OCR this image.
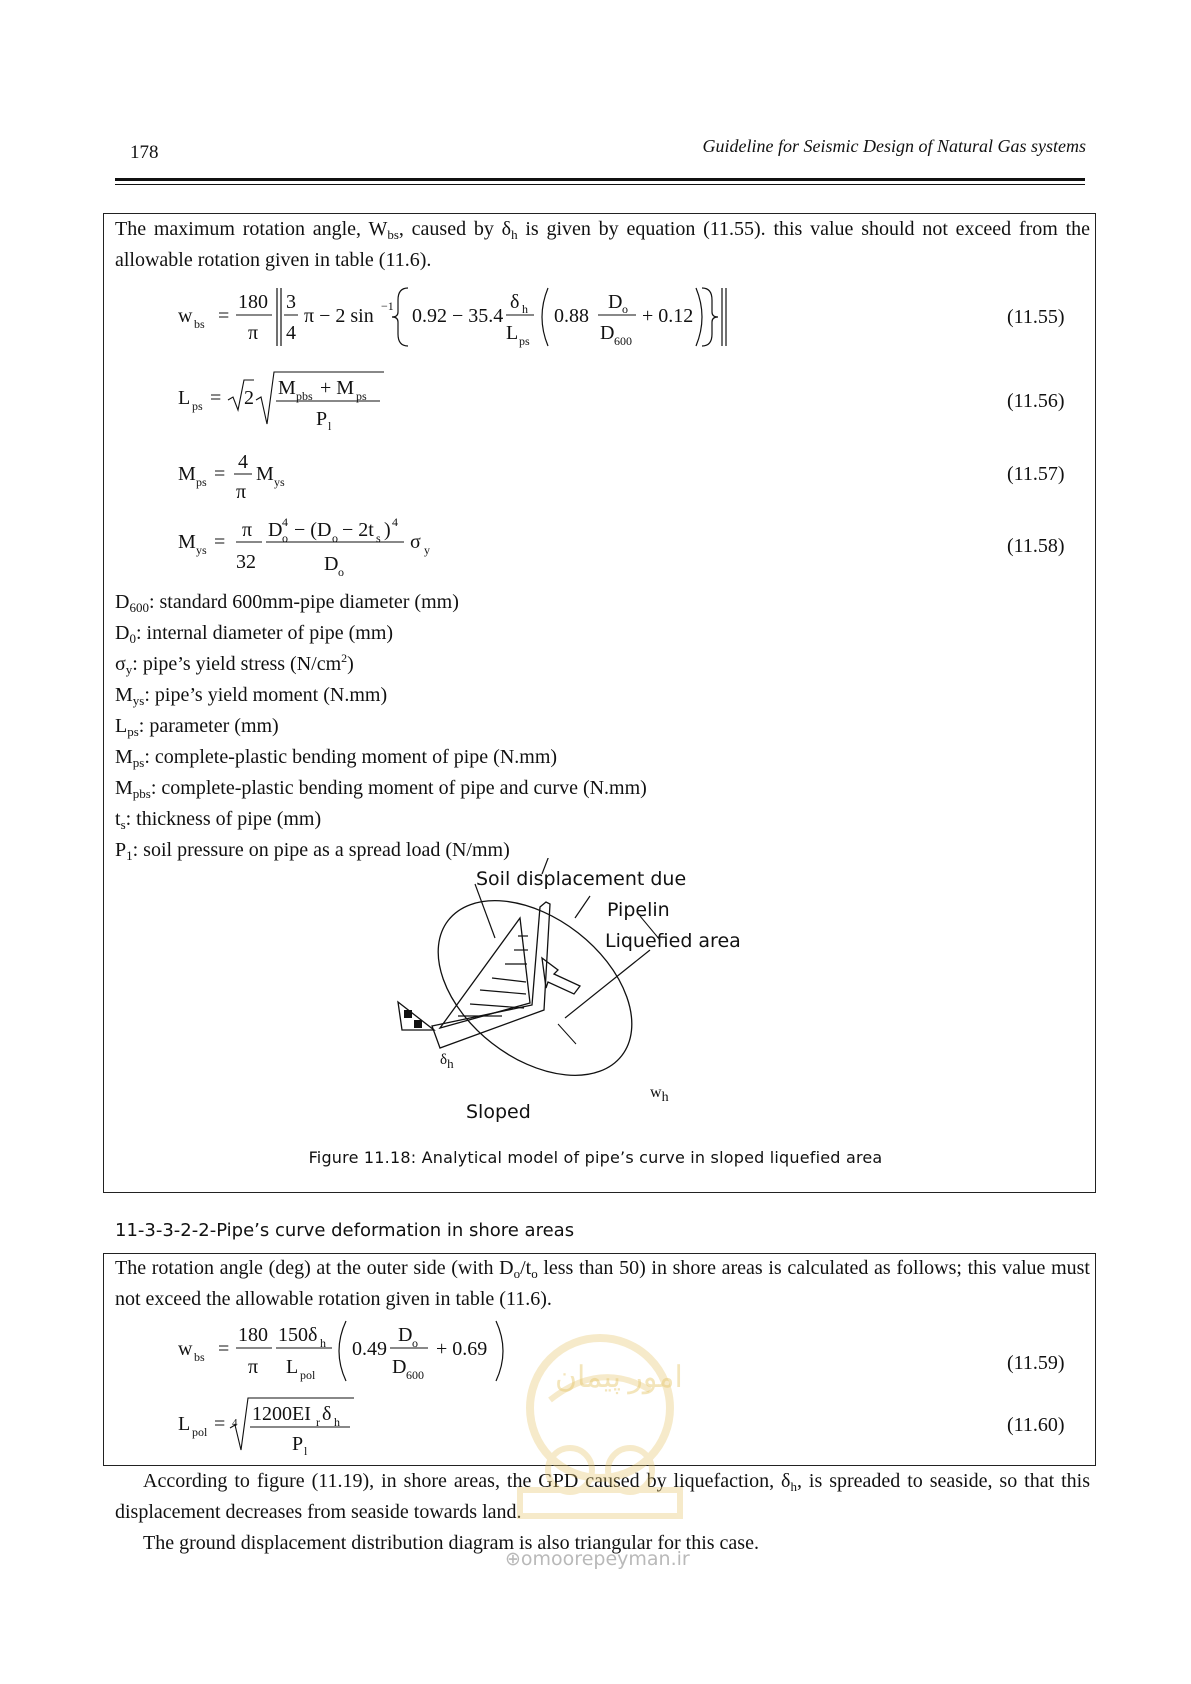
178	Guideline for Seismic Design of Natural Gas systems
The maximum rotation angle, $W_{bs}$, caused by $\delta_h$ is given by equation (11.55). this value should not exceed from the allowable rotation given in table (11.6).
w bs =
180
π
3
4
π − 2 sin −1 0.92 − 35.4
δ h
L ps
0.88
D o
D 600
+ 0.12	(11.55)
L ps = 2 M pbs + M ps
P l
(11.56)
M ps =
4
π
M ys	(11.57)
M ys =
π
32
D 4
o − (D o − 2t s ) 4
D o
σ y	(11.58)
$D_{600}$: standard 600mm-pipe diameter (mm)
$D_0$: internal diameter of pipe (mm)
$\sigma_y$: pipe’s yield stress $(N/cm^2)$
$M_{ys}$: pipe’s yield moment (N.mm)
$L_{ps}$: parameter (mm)
$M_{ps}$: complete-plastic bending moment of pipe (N.mm)
$M_{pbs}$: complete-plastic bending moment of pipe and curve (N.mm)
$t_s$: thickness of pipe (mm)
$P_1$: soil pressure on pipe as a spread load (N/mm)
Soil displacement due
Pipelin
Liquefied area
Sloped
$\delta_h$
$w_h$
Figure 11.18: Analytical model of pipe’s curve in sloped liquefied area
11-3-3-2-2-Pipe’s curve deformation in shore areas
The rotation angle (deg) at the outer side (with $D_o/t_o$ less than 50) in shore areas is calculated as follows; this value must not exceed the allowable rotation given in table (11.6).
w bs =
180
π
150δ h
L pol
0.49
D o
D 600
+ 0.69
(11.59)
L pol = 4 1200EI r δ h
P l
(11.60)
According to figure (11.19), in shore areas, the GPD caused by liquefaction, $\delta_h$, is spreaded to seaside, so that this displacement decreases from seaside towards land.
The ground displacement distribution diagram is also triangular for this case.
امور پیمان
⊕omoorepeyman.ir
